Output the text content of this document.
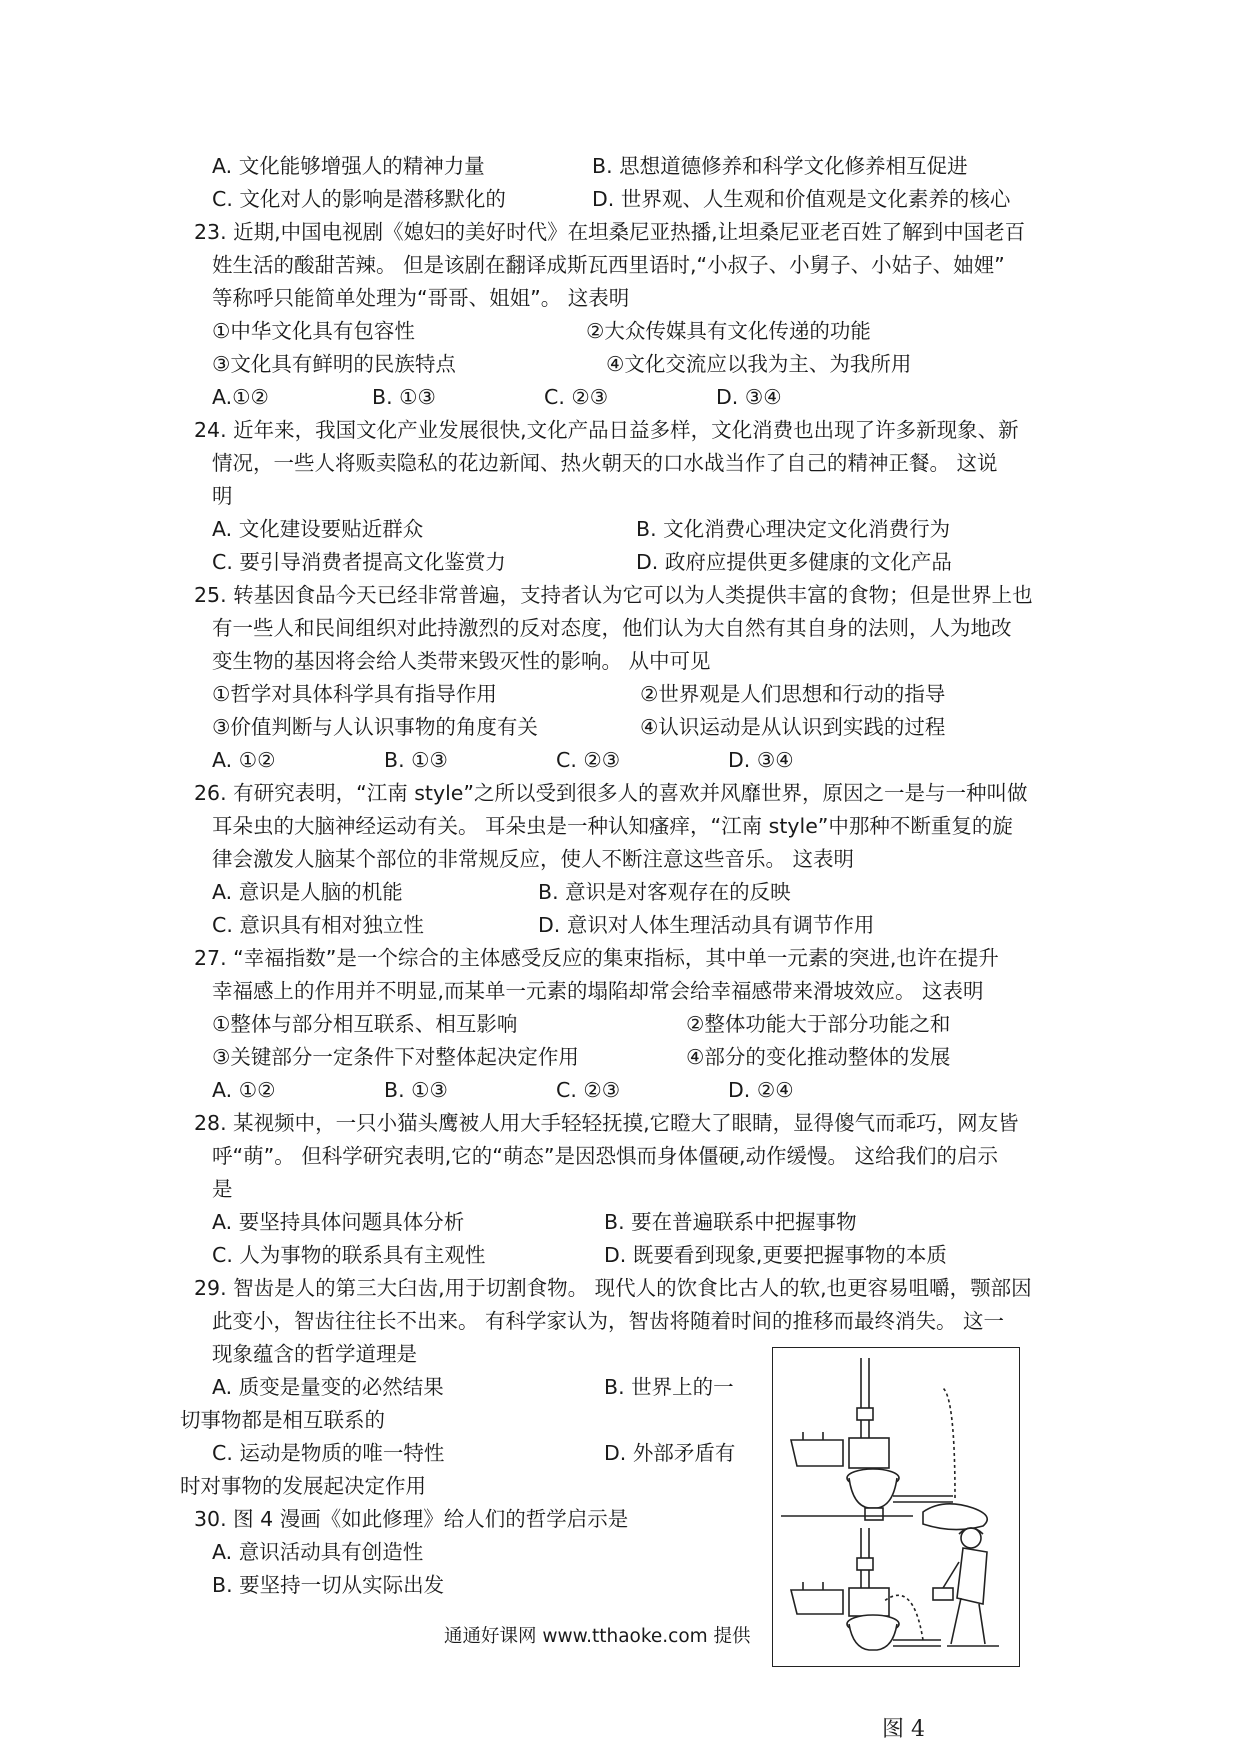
A. 文化能够增强人的精神力量	B. 思想道德修养和科学文化修养相互促进
C. 文化对人的影响是潜移默化的	D. 世界观、人生观和价值观是文化素养的核心
23. 近期,中国电视剧《媳妇的美好时代》在坦桑尼亚热播,让坦桑尼亚老百姓了解到中国老百
姓生活的酸甜苦辣。 但是该剧在翻译成斯瓦西里语时,“小叔子、小舅子、小姑子、妯娌”
等称呼只能简单处理为“哥哥、姐姐”。 这表明
①中华文化具有包容性	②大众传媒具有文化传递的功能
③文化具有鲜明的民族特点	④文化交流应以我为主、为我所用
A.①②	B. ①③	C. ②③	D. ③④
24. 近年来，我国文化产业发展很快,文化产品日益多样，文化消费也出现了许多新现象、新
情况，一些人将贩卖隐私的花边新闻、热火朝天的口水战当作了自己的精神正餐。 这说
明
A. 文化建设要贴近群众	B. 文化消费心理决定文化消费行为
C. 要引导消费者提高文化鉴赏力	D. 政府应提供更多健康的文化产品
25. 转基因食品今天已经非常普遍，支持者认为它可以为人类提供丰富的食物；但是世界上也
有一些人和民间组织对此持激烈的反对态度，他们认为大自然有其自身的法则，人为地改
变生物的基因将会给人类带来毁灭性的影响。 从中可见
①哲学对具体科学具有指导作用	②世界观是人们思想和行动的指导
③价值判断与人认识事物的角度有关	④认识运动是从认识到实践的过程
A. ①②	B. ①③	C. ②③	D. ③④
26. 有研究表明，“江南 style”之所以受到很多人的喜欢并风靡世界，原因之一是与一种叫做
耳朵虫的大脑神经运动有关。 耳朵虫是一种认知瘙痒，“江南 style”中那种不断重复的旋
律会激发人脑某个部位的非常规反应，使人不断注意这些音乐。 这表明
A. 意识是人脑的机能	B. 意识是对客观存在的反映
C. 意识具有相对独立性	D. 意识对人体生理活动具有调节作用
27. “幸福指数”是一个综合的主体感受反应的集束指标，其中单一元素的突进,也许在提升
幸福感上的作用并不明显,而某单一元素的塌陷却常会给幸福感带来滑坡效应。 这表明
①整体与部分相互联系、相互影响	②整体功能大于部分功能之和
③关键部分一定条件下对整体起决定作用	④部分的变化推动整体的发展
A. ①②	B. ①③	C. ②③	D. ②④
28. 某视频中，一只小猫头鹰被人用大手轻轻抚摸,它瞪大了眼睛，显得傻气而乖巧，网友皆
呼“萌”。 但科学研究表明,它的“萌态”是因恐惧而身体僵硬,动作缓慢。 这给我们的启示
是
A. 要坚持具体问题具体分析	B. 要在普遍联系中把握事物
C. 人为事物的联系具有主观性	D. 既要看到现象,更要把握事物的本质
29. 智齿是人的第三大臼齿,用于切割食物。 现代人的饮食比古人的软,也更容易咀嚼，颚部因
此变小，智齿往往长不出来。 有科学家认为，智齿将随着时间的推移而最终消失。 这一
现象蕴含的哲学道理是
A. 质变是量变的必然结果	B. 世界上的一
切事物都是相互联系的
C. 运动是物质的唯一特性	D. 外部矛盾有
时对事物的发展起决定作用
30. 图 4 漫画《如此修理》给人们的哲学启示是
A. 意识活动具有创造性
B. 要坚持一切从实际出发
通通好课网 www.tthaoke.com 提供
图 4
